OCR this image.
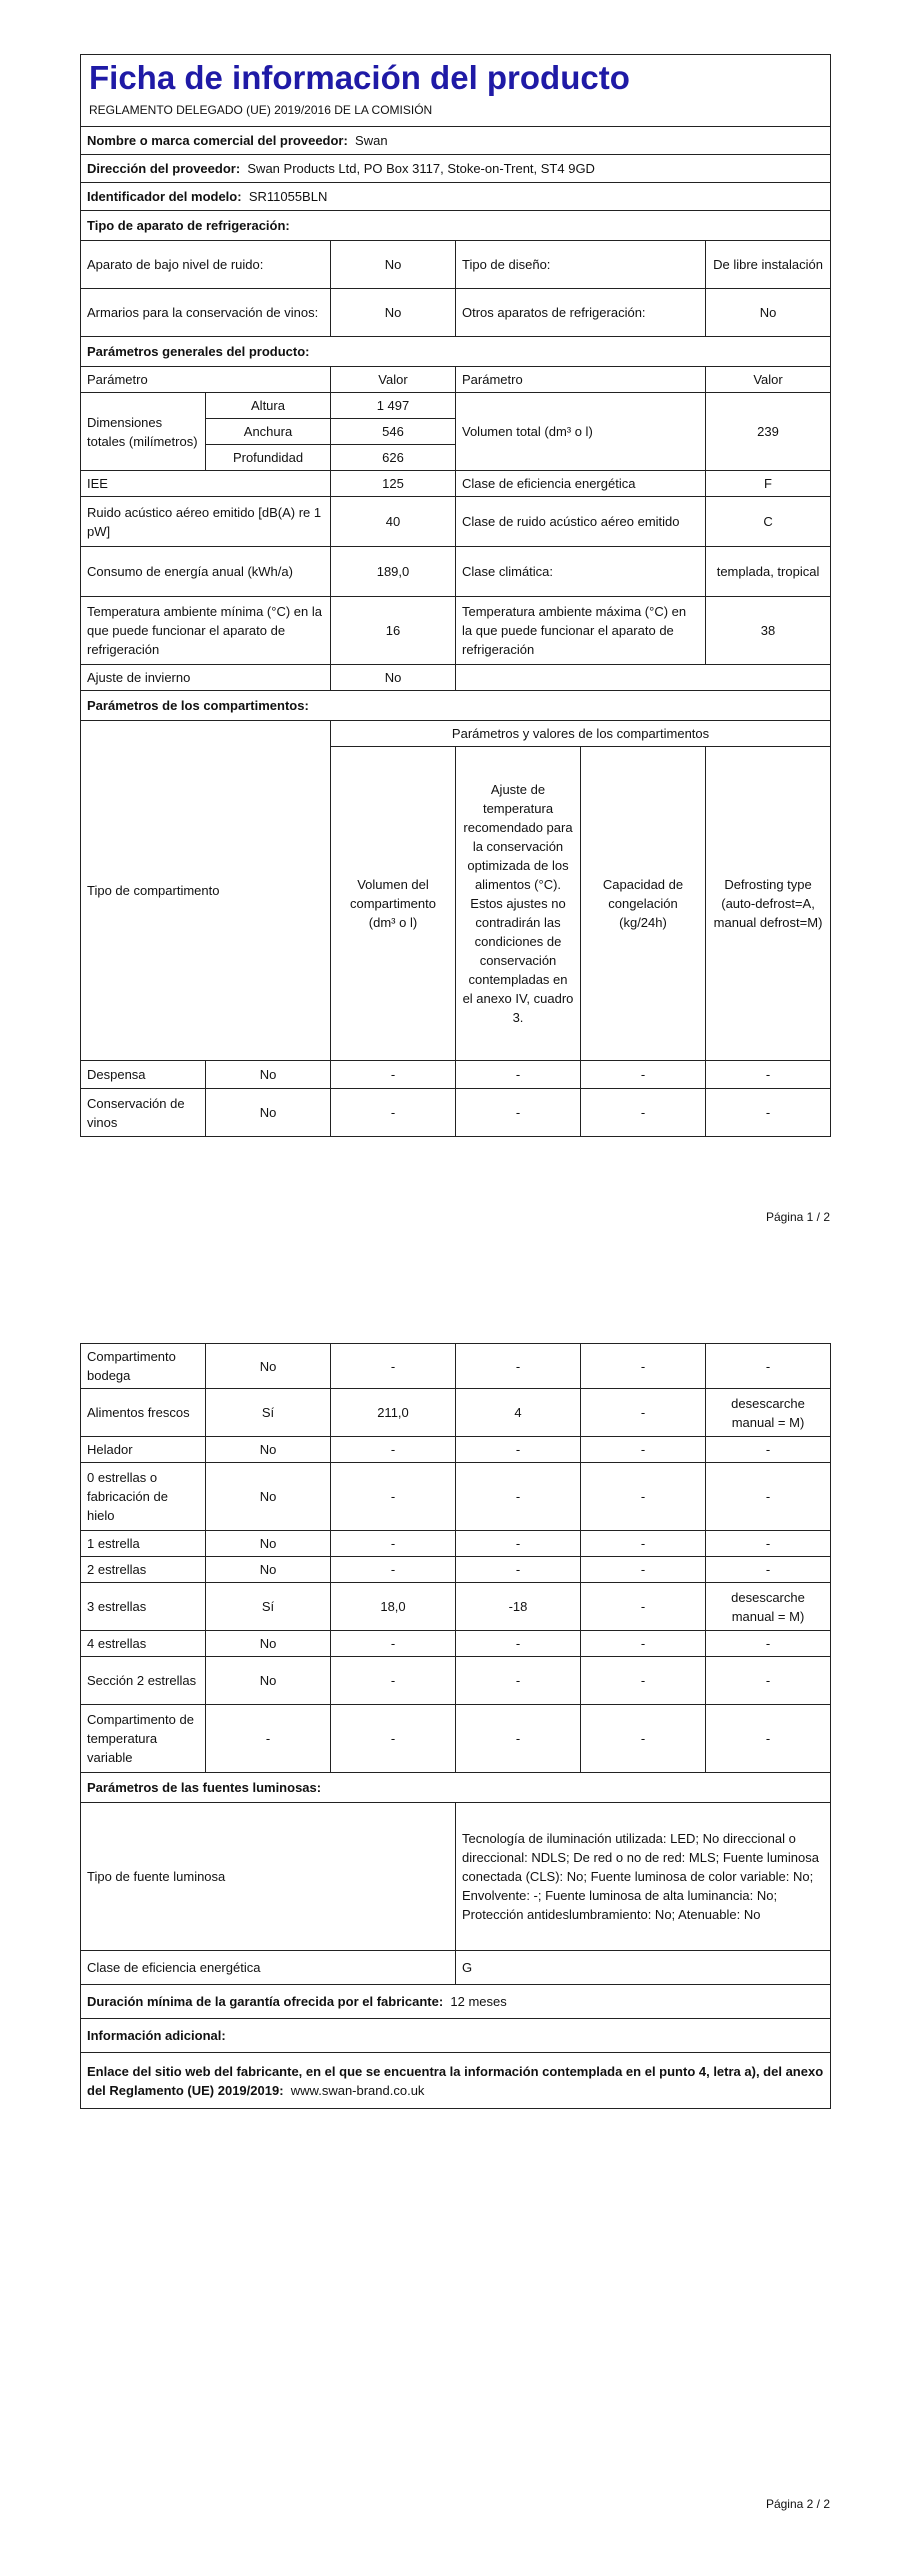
Ficha de información del producto					

REGLAMENTO DELEGADO (UE) 2019/2016 DE LA COMISIÓN					
Nombre o marca comercial del proveedor: Swan					
Dirección del proveedor: Swan Products Ltd, PO Box 3117, Stoke-on-Trent, ST4 9GD					
Identificador del modelo: SR11055BLN					
Tipo de aparato de refrigeración:					
Aparato de bajo nivel de ruido:		No	Tipo de diseño:		De libre instalación
Armarios para la conservación de vinos:		No	Otros aparatos de refrigeración:		No
Parámetros generales del producto:					
Parámetro		Valor	Parámetro		Valor
Dimensiones totales (milímetros)	Altura	1 497	Volumen total (dm³ o l)		239
	Anchura	546			
	Profundidad	626			
IEE		125	Clase de eficiencia energética		F
Ruido acústico aéreo emitido [dB(A) re 1 pW]		40	Clase de ruido acústico aéreo emitido		C
Consumo de energía anual (kWh/a)		189,0	Clase climática:		templada, tropical
Temperatura ambiente mínima (°C) en la que puede funcionar el aparato de refrigeración		16	Temperatura ambiente máxima (°C) en la que puede funcionar el aparato de refrigeración		38
Ajuste de invierno		No			
Parámetros de los compartimentos:					
Tipo de compartimento		Parámetros y valores de los compartimentos			
		Volumen del compartimento (dm³ o l)	Ajuste de temperatura recomendado para la conservación optimizada de los alimentos (°C). Estos ajustes no contradirán las condiciones de conservación contempladas en el anexo IV, cuadro 3.	Capacidad de congelación (kg/24h)	Defrosting type (auto-defrost=A, manual defrost=M)
Despensa	No	-	-	-	-
Conservación de vinos	No	-	-	-	-
Página 1 / 2
Compartimento bodega	No	-	-	-	-
Alimentos frescos	Sí	211,0	4	-	desescarche manual = M)
Helador	No	-	-	-	-
0 estrellas o fabricación de hielo	No	-	-	-	-
1 estrella	No	-	-	-	-
2 estrellas	No	-	-	-	-
3 estrellas	Sí	18,0	-18	-	desescarche manual = M)
4 estrellas	No	-	-	-	-
Sección 2 estrellas	No	-	-	-	-
Compartimento de temperatura variable	-	-	-	-	-
Parámetros de las fuentes luminosas:					
Tipo de fuente luminosa			Tecnología de iluminación utilizada: LED; No direccional o direccional: NDLS; De red o no de red: MLS; Fuente luminosa conectada (CLS): No; Fuente luminosa de color variable: No; Envolvente: -; Fuente luminosa de alta luminancia: No; Protección antideslumbramiento: No; Atenuable: No		
Clase de eficiencia energética			G		
Duración mínima de la garantía ofrecida por el fabricante: 12 meses					
Información adicional:					
Enlace del sitio web del fabricante, en el que se encuentra la información contemplada en el punto 4, letra a), del anexo del Reglamento (UE) 2019/2019: www.swan-brand.co.uk					
Página 2 / 2
